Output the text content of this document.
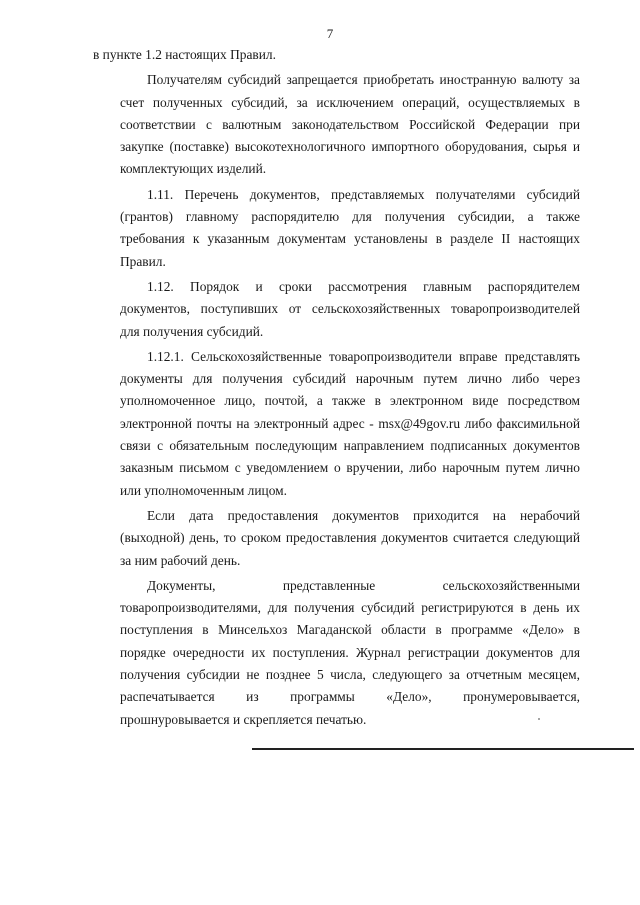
7
в пункте 1.2 настоящих Правил.
Получателям субсидий запрещается приобретать иностранную валюту за
счет полученных субсидий, за исключением операций, осуществляемых в
соответствии с валютным законодательством Российской Федерации при
закупке (поставке) высокотехнологичного импортного оборудования, сырья и
комплектующих изделий.
1.11. Перечень документов, представляемых получателями субсидий
(грантов) главному распорядителю для получения субсидии, а также
требования к указанным документам установлены в разделе II настоящих
Правил.
1.12. Порядок и сроки рассмотрения главным распорядителем
документов, поступивших от сельскохозяйственных товаропроизводителей
для получения субсидий.
1.12.1. Сельскохозяйственные товаропроизводители вправе представлять
документы для получения субсидий нарочным путем лично либо через
уполномоченное лицо, почтой, а также в электронном виде посредством
электронной почты на электронный адрес - msx@49gov.ru либо факсимильной
связи с обязательным последующим направлением подписанных документов
заказным письмом с уведомлением о вручении, либо нарочным путем лично
или уполномоченным лицом.
Если дата предоставления документов приходится на нерабочий
(выходной) день, то сроком предоставления документов считается следующий
за ним рабочий день.
Документы, представленные сельскохозяйственными
товаропроизводителями, для получения субсидий регистрируются в день их
поступления в Минсельхоз Магаданской области в программе «Дело» в
порядке очередности их поступления. Журнал регистрации документов для
получения субсидии не позднее 5 числа, следующего за отчетным месяцем,
распечатывается из программы «Дело», пронумеровывается,
прошнуровывается и скрепляется печатью.
